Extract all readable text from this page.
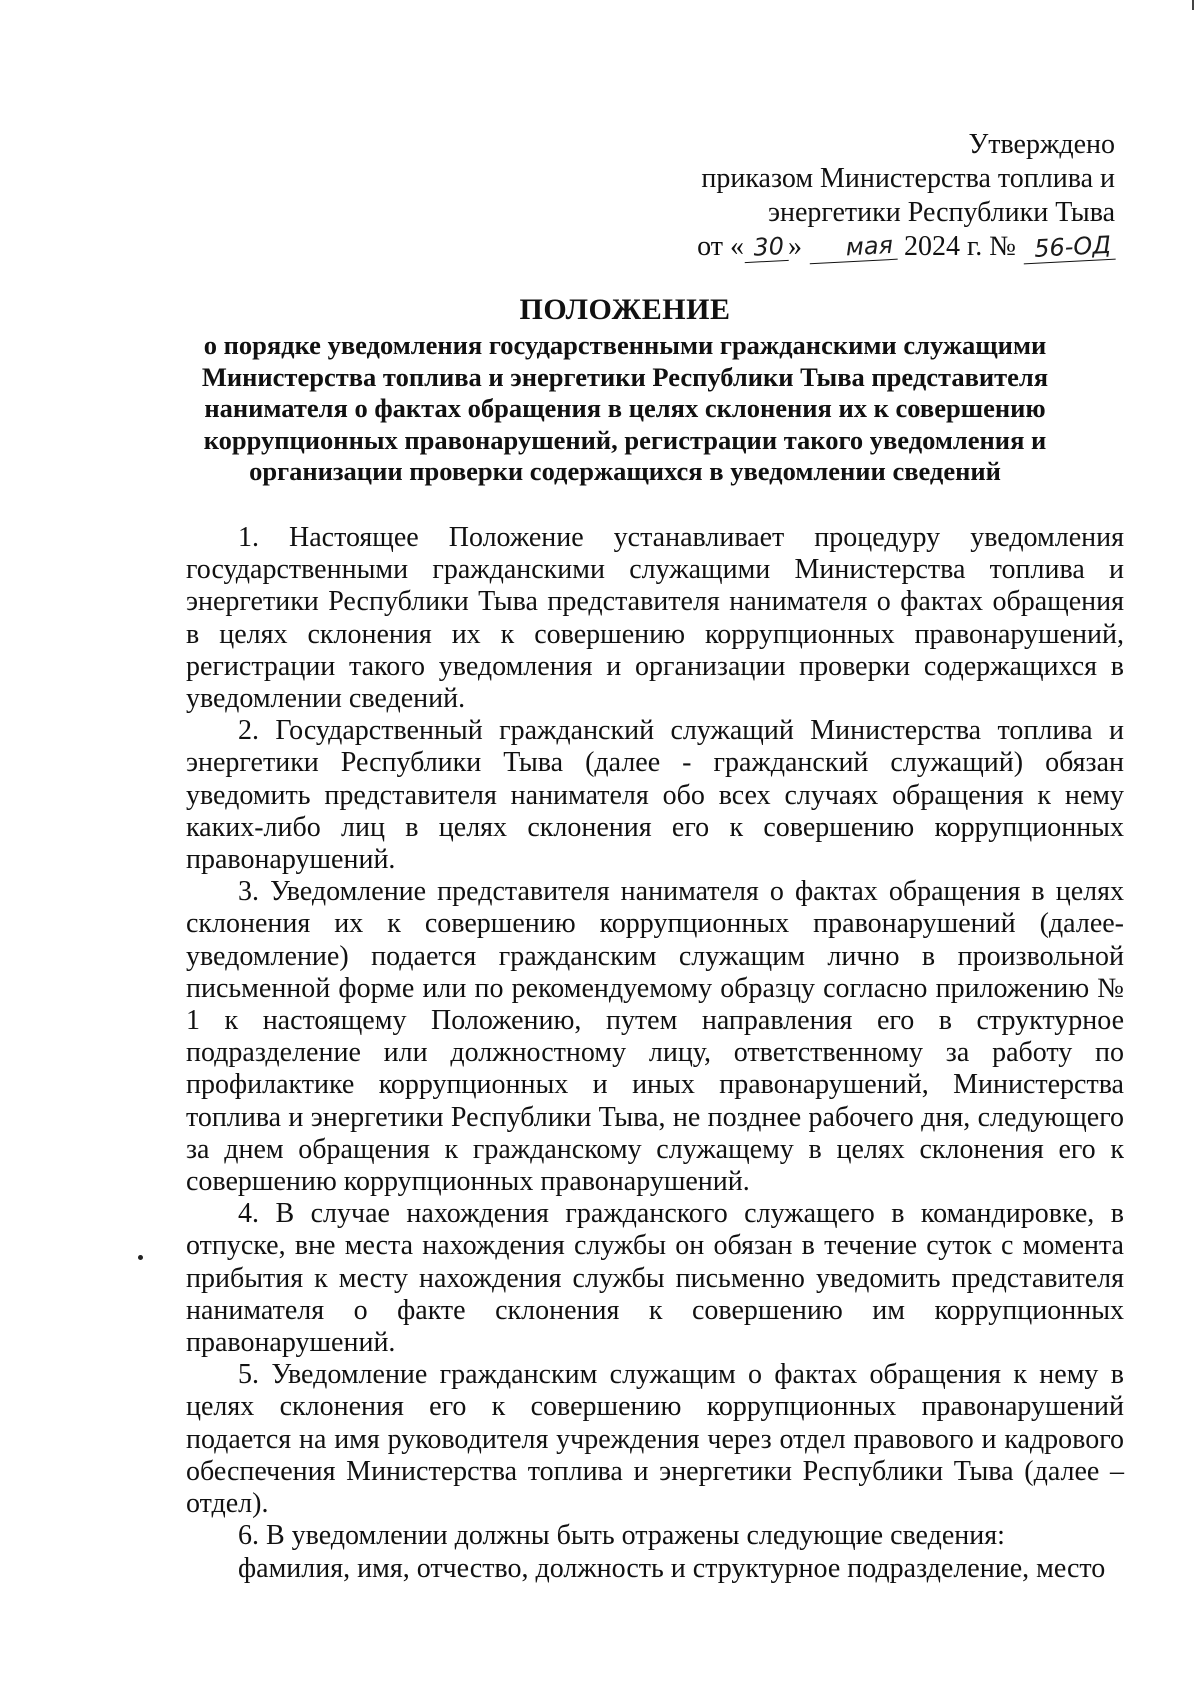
Утверждено
приказом Министерства топлива и
энергетики Республики Тыва
от « 30 » мая 2024 г. № 56-ОД
ПОЛОЖЕНИЕ
о порядке уведомления государственными гражданскими служащими
Министерства топлива и энергетики Республики Тыва представителя
нанимателя о фактах обращения в целях склонения их к совершению
коррупционных правонарушений, регистрации такого уведомления и
организации проверки содержащихся в уведомлении сведений

1. Настоящее Положение устанавливает процедуру уведомления государственными гражданскими служащими Министерства топлива и энергетики Республики Тыва представителя нанимателя о фактах обращения в целях склонения их к совершению коррупционных правонарушений, регистрации такого уведомления и организации проверки содержащихся в уведомлении сведений.

2. Государственный гражданский служащий Министерства топлива и энергетики Республики Тыва (далее - гражданский служащий) обязан уведомить представителя нанимателя обо всех случаях обращения к нему каких-либо лиц в целях склонения его к совершению коррупционных правонарушений.

3. Уведомление представителя нанимателя о фактах обращения в целях склонения их к совершению коррупционных правонарушений (далее- уведомление) подается гражданским служащим лично в произвольной письменной форме или по рекомендуемому образцу согласно приложению № 1 к настоящему Положению, путем направления его в структурное подразделение или должностному лицу, ответственному за работу по профилактике коррупционных и иных правонарушений, Министерства топлива и энергетики Республики Тыва, не позднее рабочего дня, следующего за днем обращения к гражданскому служащему в целях склонения его к совершению коррупционных правонарушений.

4. В случае нахождения гражданского служащего в командировке, в отпуске, вне места нахождения службы он обязан в течение суток с момента прибытия к месту нахождения службы письменно уведомить представителя нанимателя о факте склонения к совершению им коррупционных правонарушений.

5. Уведомление гражданским служащим о фактах обращения к нему в целях склонения его к совершению коррупционных правонарушений подается на имя руководителя учреждения через отдел правового и кадрового обеспечения Министерства топлива и энергетики Республики Тыва (далее – отдел).

6. В уведомлении должны быть отражены следующие сведения:

фамилия, имя, отчество, должность и структурное подразделение, место
